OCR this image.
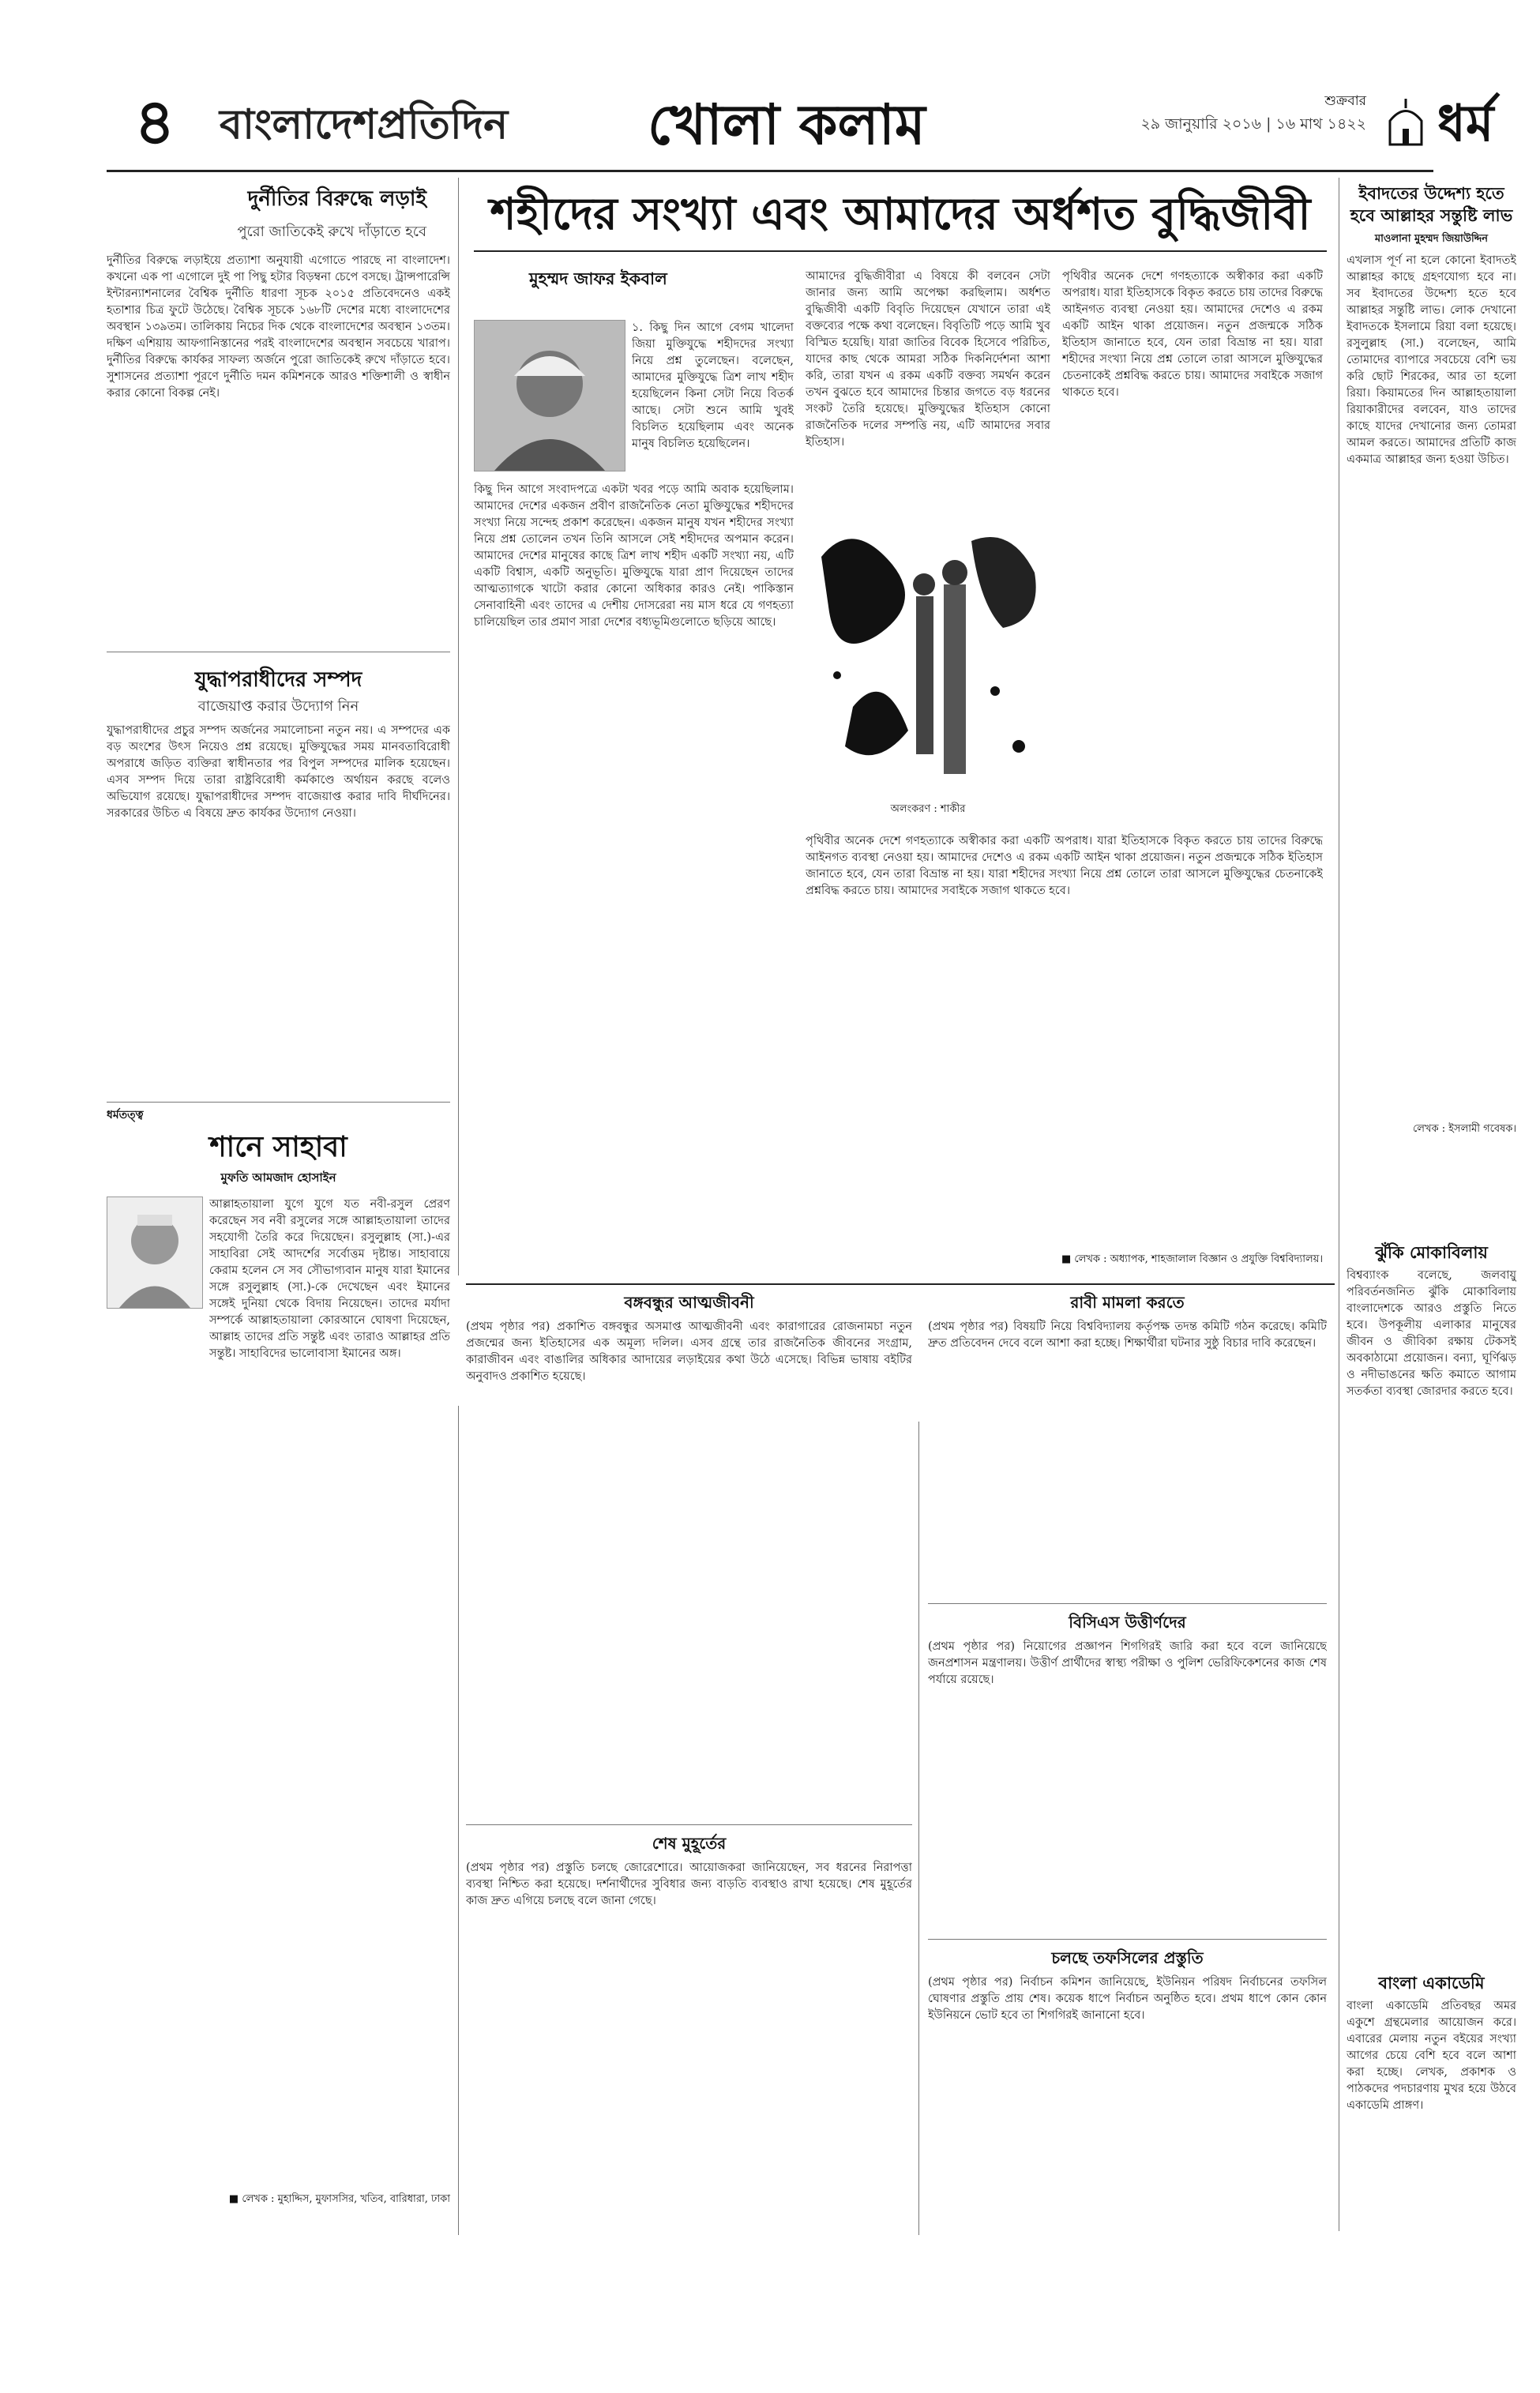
৪ বাংলাদেশপ্রতিদিন	খোলা কলাম	শুক্রবার
২৯ জানুয়ারি ২০১৬ | ১৬ মাথ ১৪২২ ধর্ম
দুর্নীতির বিরুদ্ধে লড়াই
পুরো জাতিকেই রুখে দাঁড়াতে হবে
দুর্নীতির বিরুদ্ধে লড়াইয়ে প্রত্যাশা অনুযায়ী এগোতে পারছে না বাংলাদেশ। কখনো এক পা এগোলে দুই পা পিছু হটার বিড়ম্বনা চেপে বসছে। ট্রান্সপারেন্সি ইন্টারন্যাশনালের বৈশ্বিক দুর্নীতি ধারণা সূচক ২০১৫ প্রতিবেদনেও একই হতাশার চিত্র ফুটে উঠেছে। বৈশ্বিক সূচকে ১৬৮টি দেশের মধ্যে বাংলাদেশের অবস্থান ১৩৯তম। তালিকায় নিচের দিক থেকে বাংলাদেশের অবস্থান ১৩তম। দক্ষিণ এশিয়ায় আফগানিস্তানের পরই বাংলাদেশের অবস্থান সবচেয়ে খারাপ। দুর্নীতির বিরুদ্ধে কার্যকর সাফল্য অর্জনে পুরো জাতিকেই রুখে দাঁড়াতে হবে। সুশাসনের প্রত্যাশা পূরণে দুর্নীতি দমন কমিশনকে আরও শক্তিশালী ও স্বাধীন করার কোনো বিকল্প নেই।
যুদ্ধাপরাধীদের সম্পদ
বাজেয়াপ্ত করার উদ্যোগ নিন
যুদ্ধাপরাধীদের প্রচুর সম্পদ অর্জনের সমালোচনা নতুন নয়। এ সম্পদের এক বড় অংশের উৎস নিয়েও প্রশ্ন রয়েছে। মুক্তিযুদ্ধের সময় মানবতাবিরোধী অপরাধে জড়িত ব্যক্তিরা স্বাধীনতার পর বিপুল সম্পদের মালিক হয়েছেন। এসব সম্পদ দিয়ে তারা রাষ্ট্রবিরোধী কর্মকাণ্ডে অর্থায়ন করছে বলেও অভিযোগ রয়েছে। যুদ্ধাপরাধীদের সম্পদ বাজেয়াপ্ত করার দাবি দীর্ঘদিনের। সরকারের উচিত এ বিষয়ে দ্রুত কার্যকর উদ্যোগ নেওয়া।
ধর্মতত্ত্ব
শানে সাহাবা
মুফতি আমজাদ হোসাইন
আল্লাহতায়ালা যুগে যুগে যত নবী-রসুল প্রেরণ করেছেন সব নবী রসুলের সঙ্গে আল্লাহতায়ালা তাদের সহযোগী তৈরি করে দিয়েছেন। রসুলুল্লাহ (সা.)-এর সাহাবিরা সেই আদর্শের সর্বোত্তম দৃষ্টান্ত। সাহাবায়ে কেরাম হলেন সে সব সৌভাগ্যবান মানুষ যারা ইমানের সঙ্গে রসুলুল্লাহ (সা.)-কে দেখেছেন এবং ইমানের সঙ্গেই দুনিয়া থেকে বিদায় নিয়েছেন। তাদের মর্যাদা সম্পর্কে আল্লাহতায়ালা কোরআনে ঘোষণা দিয়েছেন, আল্লাহ তাদের প্রতি সন্তুষ্ট এবং তারাও আল্লাহর প্রতি সন্তুষ্ট। সাহাবিদের ভালোবাসা ইমানের অঙ্গ।
■ লেখক : মুহাদ্দিস, মুফাসসির, খতিব, বারিধারা, ঢাকা
শহীদের সংখ্যা এবং আমাদের অর্ধশত বুদ্ধিজীবী
মুহম্মদ জাফর ইকবাল
১. কিছু দিন আগে বেগম খালেদা জিয়া মুক্তিযুদ্ধে শহীদদের সংখ্যা নিয়ে প্রশ্ন তুলেছেন। বলেছেন, আমাদের মুক্তিযুদ্ধে ত্রিশ লাখ শহীদ হয়েছিলেন কিনা সেটা নিয়ে বিতর্ক আছে। সেটা শুনে আমি খুবই বিচলিত হয়েছিলাম এবং অনেক মানুষ বিচলিত হয়েছিলেন।
কিছু দিন আগে সংবাদপত্রে একটা খবর পড়ে আমি অবাক হয়েছিলাম। আমাদের দেশের একজন প্রবীণ রাজনৈতিক নেতা মুক্তিযুদ্ধের শহীদদের সংখ্যা নিয়ে সন্দেহ প্রকাশ করেছেন। একজন মানুষ যখন শহীদের সংখ্যা নিয়ে প্রশ্ন তোলেন তখন তিনি আসলে সেই শহীদদের অপমান করেন। আমাদের দেশের মানুষের কাছে ত্রিশ লাখ শহীদ একটি সংখ্যা নয়, এটি একটি বিশ্বাস, একটি অনুভূতি। মুক্তিযুদ্ধে যারা প্রাণ দিয়েছেন তাদের আত্মত্যাগকে খাটো করার কোনো অধিকার কারও নেই। পাকিস্তান সেনাবাহিনী এবং তাদের এ দেশীয় দোসরেরা নয় মাস ধরে যে গণহত্যা চালিয়েছিল তার প্রমাণ সারা দেশের বধ্যভূমিগুলোতে ছড়িয়ে আছে।
আমাদের বুদ্ধিজীবীরা এ বিষয়ে কী বলবেন সেটা জানার জন্য আমি অপেক্ষা করছিলাম। অর্ধশত বুদ্ধিজীবী একটি বিবৃতি দিয়েছেন যেখানে তারা এই বক্তব্যের পক্ষে কথা বলেছেন। বিবৃতিটি পড়ে আমি খুব বিস্মিত হয়েছি। যারা জাতির বিবেক হিসেবে পরিচিত, যাদের কাছ থেকে আমরা সঠিক দিকনির্দেশনা আশা করি, তারা যখন এ রকম একটি বক্তব্য সমর্থন করেন তখন বুঝতে হবে আমাদের চিন্তার জগতে বড় ধরনের সংকট তৈরি হয়েছে। মুক্তিযুদ্ধের ইতিহাস কোনো রাজনৈতিক দলের সম্পত্তি নয়, এটি আমাদের সবার ইতিহাস।
পৃথিবীর অনেক দেশে গণহত্যাকে অস্বীকার করা একটি অপরাধ। যারা ইতিহাসকে বিকৃত করতে চায় তাদের বিরুদ্ধে আইনগত ব্যবস্থা নেওয়া হয়। আমাদের দেশেও এ রকম একটি আইন থাকা প্রয়োজন। নতুন প্রজন্মকে সঠিক ইতিহাস জানাতে হবে, যেন তারা বিভ্রান্ত না হয়। যারা শহীদের সংখ্যা নিয়ে প্রশ্ন তোলে তারা আসলে মুক্তিযুদ্ধের চেতনাকেই প্রশ্নবিদ্ধ করতে চায়। আমাদের সবাইকে সজাগ থাকতে হবে।
অলংকরণ : শাকীর
পৃথিবীর অনেক দেশে গণহত্যাকে অস্বীকার করা একটি অপরাধ। যারা ইতিহাসকে বিকৃত করতে চায় তাদের বিরুদ্ধে আইনগত ব্যবস্থা নেওয়া হয়। আমাদের দেশেও এ রকম একটি আইন থাকা প্রয়োজন। নতুন প্রজন্মকে সঠিক ইতিহাস জানাতে হবে, যেন তারা বিভ্রান্ত না হয়। যারা শহীদের সংখ্যা নিয়ে প্রশ্ন তোলে তারা আসলে মুক্তিযুদ্ধের চেতনাকেই প্রশ্নবিদ্ধ করতে চায়। আমাদের সবাইকে সজাগ থাকতে হবে।
■ লেখক : অধ্যাপক, শাহজালাল বিজ্ঞান ও প্রযুক্তি বিশ্ববিদ্যালয়।
ইবাদতের উদ্দেশ্য হতে হবে আল্লাহর সন্তুষ্টি লাভ
মাওলানা মুহম্মদ জিয়াউদ্দিন
এখলাস পূর্ণ না হলে কোনো ইবাদতই আল্লাহর কাছে গ্রহণযোগ্য হবে না। সব ইবাদতের উদ্দেশ্য হতে হবে আল্লাহর সন্তুষ্টি লাভ। লোক দেখানো ইবাদতকে ইসলামে রিয়া বলা হয়েছে। রসুলুল্লাহ (সা.) বলেছেন, আমি তোমাদের ব্যাপারে সবচেয়ে বেশি ভয় করি ছোট শিরকের, আর তা হলো রিয়া। কিয়ামতের দিন আল্লাহতায়ালা রিয়াকারীদের বলবেন, যাও তাদের কাছে যাদের দেখানোর জন্য তোমরা আমল করতে। আমাদের প্রতিটি কাজ একমাত্র আল্লাহর জন্য হওয়া উচিত।
লেখক : ইসলামী গবেষক।
ঝুঁকি মোকাবিলায়
বিশ্বব্যাংক বলেছে, জলবায়ু পরিবর্তনজনিত ঝুঁকি মোকাবিলায় বাংলাদেশকে আরও প্রস্তুতি নিতে হবে। উপকূলীয় এলাকার মানুষের জীবন ও জীবিকা রক্ষায় টেকসই অবকাঠামো প্রয়োজন। বন্যা, ঘূর্ণিঝড় ও নদীভাঙনের ক্ষতি কমাতে আগাম সতর্কতা ব্যবস্থা জোরদার করতে হবে।
বাংলা একাডেমি
বাংলা একাডেমি প্রতিবছর অমর একুশে গ্রন্থমেলার আয়োজন করে। এবারের মেলায় নতুন বইয়ের সংখ্যা আগের চেয়ে বেশি হবে বলে আশা করা হচ্ছে। লেখক, প্রকাশক ও পাঠকদের পদচারণায় মুখর হয়ে উঠবে একাডেমি প্রাঙ্গণ।
বঙ্গবন্ধুর আত্মজীবনী
(প্রথম পৃষ্ঠার পর) প্রকাশিত বঙ্গবন্ধুর অসমাপ্ত আত্মজীবনী এবং কারাগারের রোজনামচা নতুন প্রজন্মের জন্য ইতিহাসের এক অমূল্য দলিল। এসব গ্রন্থে তার রাজনৈতিক জীবনের সংগ্রাম, কারাজীবন এবং বাঙালির অধিকার আদায়ের লড়াইয়ের কথা উঠে এসেছে। বিভিন্ন ভাষায় বইটির অনুবাদও প্রকাশিত হয়েছে।
শেষ মুহূর্তের
(প্রথম পৃষ্ঠার পর) প্রস্তুতি চলছে জোরেশোরে। আয়োজকরা জানিয়েছেন, সব ধরনের নিরাপত্তা ব্যবস্থা নিশ্চিত করা হয়েছে। দর্শনার্থীদের সুবিধার জন্য বাড়তি ব্যবস্থাও রাখা হয়েছে। শেষ মুহূর্তের কাজ দ্রুত এগিয়ে চলছে বলে জানা গেছে।
রাবী মামলা করতে
(প্রথম পৃষ্ঠার পর) বিষয়টি নিয়ে বিশ্ববিদ্যালয় কর্তৃপক্ষ তদন্ত কমিটি গঠন করেছে। কমিটি দ্রুত প্রতিবেদন দেবে বলে আশা করা হচ্ছে। শিক্ষার্থীরা ঘটনার সুষ্ঠু বিচার দাবি করেছেন।
বিসিএস উত্তীর্ণদের
(প্রথম পৃষ্ঠার পর) নিয়োগের প্রজ্ঞাপন শিগগিরই জারি করা হবে বলে জানিয়েছে জনপ্রশাসন মন্ত্রণালয়। উত্তীর্ণ প্রার্থীদের স্বাস্থ্য পরীক্ষা ও পুলিশ ভেরিফিকেশনের কাজ শেষ পর্যায়ে রয়েছে।
চলছে তফসিলের প্রস্তুতি
(প্রথম পৃষ্ঠার পর) নির্বাচন কমিশন জানিয়েছে, ইউনিয়ন পরিষদ নির্বাচনের তফসিল ঘোষণার প্রস্তুতি প্রায় শেষ। কয়েক ধাপে নির্বাচন অনুষ্ঠিত হবে। প্রথম ধাপে কোন কোন ইউনিয়নে ভোট হবে তা শিগগিরই জানানো হবে।
